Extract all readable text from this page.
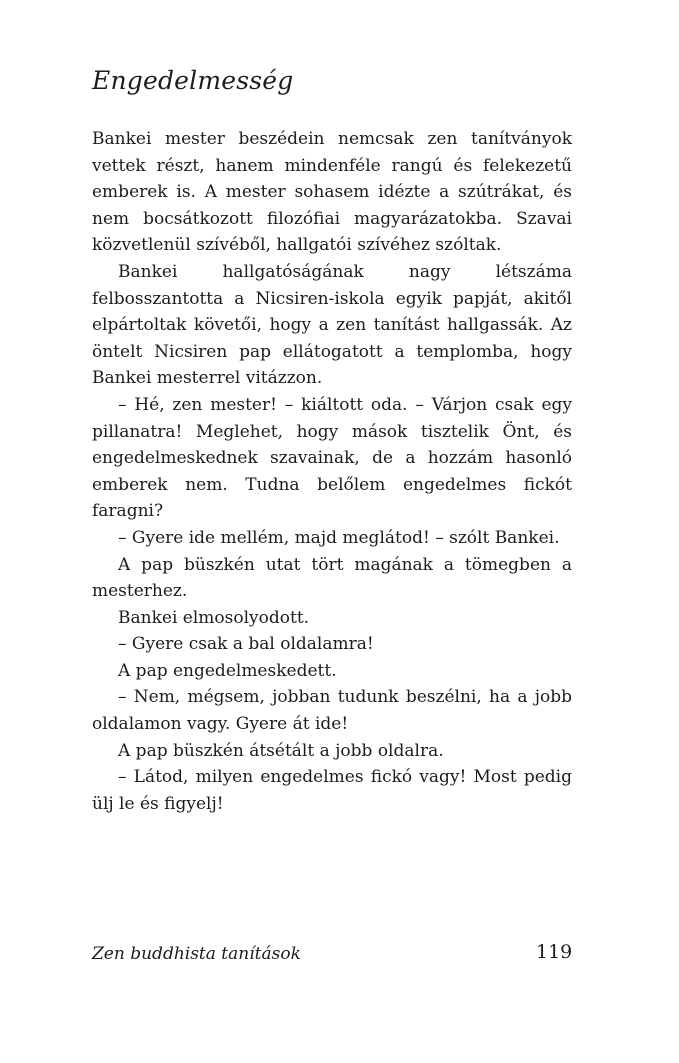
Engedelmesség

Bankei mester beszédein nemcsak zen tanítványok vettek részt, hanem mindenféle rangú és felekezetű emberek is. A mester sohasem idézte a szútrákat, és nem bocsátkozott filozófiai magyarázatokba. Szavai közvetlenül szívéből, hallgatói szívéhez szóltak.

Bankei hallgatóságának nagy létszáma felbosszantotta a Nicsiren-iskola egyik papját, akitől elpártoltak követői, hogy a zen tanítást hallgassák. Az öntelt Nicsiren pap ellátogatott a templomba, hogy Bankei mesterrel vitázzon.

– Hé, zen mester! – kiáltott oda. – Várjon csak egy pillanatra! Meglehet, hogy mások tisztelik Önt, és engedelmeskednek szavainak, de a hozzám hasonló emberek nem. Tudna belőlem engedelmes fickót faragni?

– Gyere ide mellém, majd meglátod! – szólt Bankei.

A pap büszkén utat tört magának a tömegben a mesterhez.

Bankei elmosolyodott.

– Gyere csak a bal oldalamra!

A pap engedelmeskedett.

– Nem, mégsem, jobban tudunk beszélni, ha a jobb oldalamon vagy. Gyere át ide!

A pap büszkén átsétált a jobb oldalra.

– Látod, milyen engedelmes fickó vagy! Most pedig ülj le és figyelj!

Zen buddhista tanítások	119
